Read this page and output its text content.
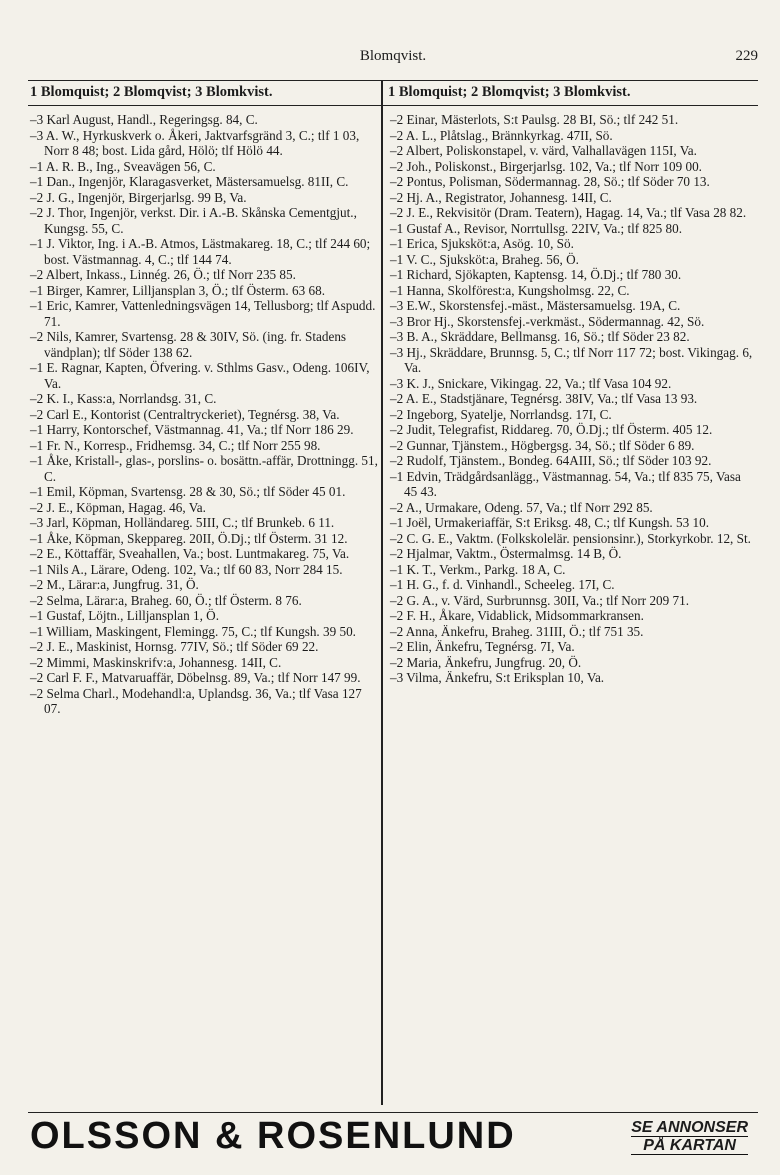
Blomqvist.	229
1 Blomquist; 2 Blomqvist; 3 Blomkvist.	1 Blomquist; 2 Blomqvist; 3 Blomkvist.
–3 Karl August, Handl., Regeringsg. 84, C.
–3 A. W., Hyrkuskverk o. Åkeri, Jaktvarfsgränd 3, C.; tlf 1 03, Norr 8 48; bost. Lida gård, Hölö; tlf Hölö 44.
–1 A. R. B., Ing., Sveavägen 56, C.
–1 Dan., Ingenjör, Klaragasverket, Mästersamuelsg. 81II, C.
–2 J. G., Ingenjör, Birgerjarlsg. 99 B, Va.
–2 J. Thor, Ingenjör, verkst. Dir. i A.-B. Skånska Cementgjut., Kungsg. 55, C.
–1 J. Viktor, Ing. i A.-B. Atmos, Lästmakareg. 18, C.; tlf 244 60; bost. Västmannag. 4, C.; tlf 144 74.
–2 Albert, Inkass., Linnég. 26, Ö.; tlf Norr 235 85.
–1 Birger, Kamrer, Lilljansplan 3, Ö.; tlf Österm. 63 68.
–1 Eric, Kamrer, Vattenledningsvägen 14, Tellusborg; tlf Aspudd. 71.
–2 Nils, Kamrer, Svartensg. 28 & 30IV, Sö. (ing. fr. Stadens vändplan); tlf Söder 138 62.
–1 E. Ragnar, Kapten, Öfvering. v. Sthlms Gasv., Odeng. 106IV, Va.
–2 K. I., Kass:a, Norrlandsg. 31, C.
–2 Carl E., Kontorist (Centraltryckeriet), Tegnérsg. 38, Va.
–1 Harry, Kontorschef, Västmannag. 41, Va.; tlf Norr 186 29.
–1 Fr. N., Korresp., Fridhemsg. 34, C.; tlf Norr 255 98.
–1 Åke, Kristall-, glas-, porslins- o. bosättn.-affär, Drottningg. 51, C.
–1 Emil, Köpman, Svartensg. 28 & 30, Sö.; tlf Söder 45 01.
–2 J. E., Köpman, Hagag. 46, Va.
–3 Jarl, Köpman, Holländareg. 5III, C.; tlf Brunkeb. 6 11.
–1 Åke, Köpman, Skeppareg. 20II, Ö.Dj.; tlf Österm. 31 12.
–2 E., Köttaffär, Sveahallen, Va.; bost. Luntmakareg. 75, Va.
–1 Nils A., Lärare, Odeng. 102, Va.; tlf 60 83, Norr 284 15.
–2 M., Lärar:a, Jungfrug. 31, Ö.
–2 Selma, Lärar:a, Braheg. 60, Ö.; tlf Österm. 8 76.
–1 Gustaf, Löjtn., Lilljansplan 1, Ö.
–1 William, Maskingent, Flemingg. 75, C.; tlf Kungsh. 39 50.
–2 J. E., Maskinist, Hornsg. 77IV, Sö.; tlf Söder 69 22.
–2 Mimmi, Maskinskrifv:a, Johannesg. 14II, C.
–2 Carl F. F., Matvaruaffär, Döbelnsg. 89, Va.; tlf Norr 147 99.
–2 Selma Charl., Modehandl:a, Uplandsg. 36, Va.; tlf Vasa 127 07.
–2 Einar, Mästerlots, S:t Paulsg. 28 BI, Sö.; tlf 242 51.
–2 A. L., Plåtslag., Brännkyrkag. 47II, Sö.
–2 Albert, Poliskonstapel, v. värd, Valhallavägen 115I, Va.
–2 Joh., Poliskonst., Birgerjarlsg. 102, Va.; tlf Norr 109 00.
–2 Pontus, Polisman, Södermannag. 28, Sö.; tlf Söder 70 13.
–2 Hj. A., Registrator, Johannesg. 14II, C.
–2 J. E., Rekvisitör (Dram. Teatern), Hagag. 14, Va.; tlf Vasa 28 82.
–1 Gustaf A., Revisor, Norrtullsg. 22IV, Va.; tlf 825 80.
–1 Erica, Sjuksköt:a, Asög. 10, Sö.
–1 V. C., Sjuksköt:a, Braheg. 56, Ö.
–1 Richard, Sjökapten, Kaptensg. 14, Ö.Dj.; tlf 780 30.
–1 Hanna, Skolförest:a, Kungsholmsg. 22, C.
–3 E.W., Skorstensfej.-mäst., Mästersamuelsg. 19A, C.
–3 Bror Hj., Skorstensfej.-verkmäst., Södermannag. 42, Sö.
–3 B. A., Skräddare, Bellmansg. 16, Sö.; tlf Söder 23 82.
–3 Hj., Skräddare, Brunnsg. 5, C.; tlf Norr 117 72; bost. Vikingag. 6, Va.
–3 K. J., Snickare, Vikingag. 22, Va.; tlf Vasa 104 92.
–2 A. E., Stadstjänare, Tegnérsg. 38IV, Va.; tlf Vasa 13 93.
–2 Ingeborg, Syatelje, Norrlandsg. 17I, C.
–2 Judit, Telegrafist, Riddareg. 70, Ö.Dj.; tlf Österm. 405 12.
–2 Gunnar, Tjänstem., Högbergsg. 34, Sö.; tlf Söder 6 89.
–2 Rudolf, Tjänstem., Bondeg. 64AIII, Sö.; tlf Söder 103 92.
–1 Edvin, Trädgårdsanlägg., Västmannag. 54, Va.; tlf 835 75, Vasa 45 43.
–2 A., Urmakare, Odeng. 57, Va.; tlf Norr 292 85.
–1 Joël, Urmakeriaffär, S:t Eriksg. 48, C.; tlf Kungsh. 53 10.
–2 C. G. E., Vaktm. (Folkskolelär. pensionsinr.), Storkyrkobr. 12, St.
–2 Hjalmar, Vaktm., Östermalmsg. 14 B, Ö.
–1 K. T., Verkm., Parkg. 18 A, C.
–1 H. G., f. d. Vinhandl., Scheeleg. 17I, C.
–2 G. A., v. Värd, Surbrunnsg. 30II, Va.; tlf Norr 209 71.
–2 F. H., Åkare, Vidablick, Midsommarkransen.
–2 Anna, Änkefru, Braheg. 31III, Ö.; tlf 751 35.
–2 Elin, Änkefru, Tegnérsg. 7I, Va.
–2 Maria, Änkefru, Jungfrug. 20, Ö.
–3 Vilma, Änkefru, S:t Eriksplan 10, Va.
OLSSON & ROSENLUND	SE ANNONSER
PÅ KARTAN
